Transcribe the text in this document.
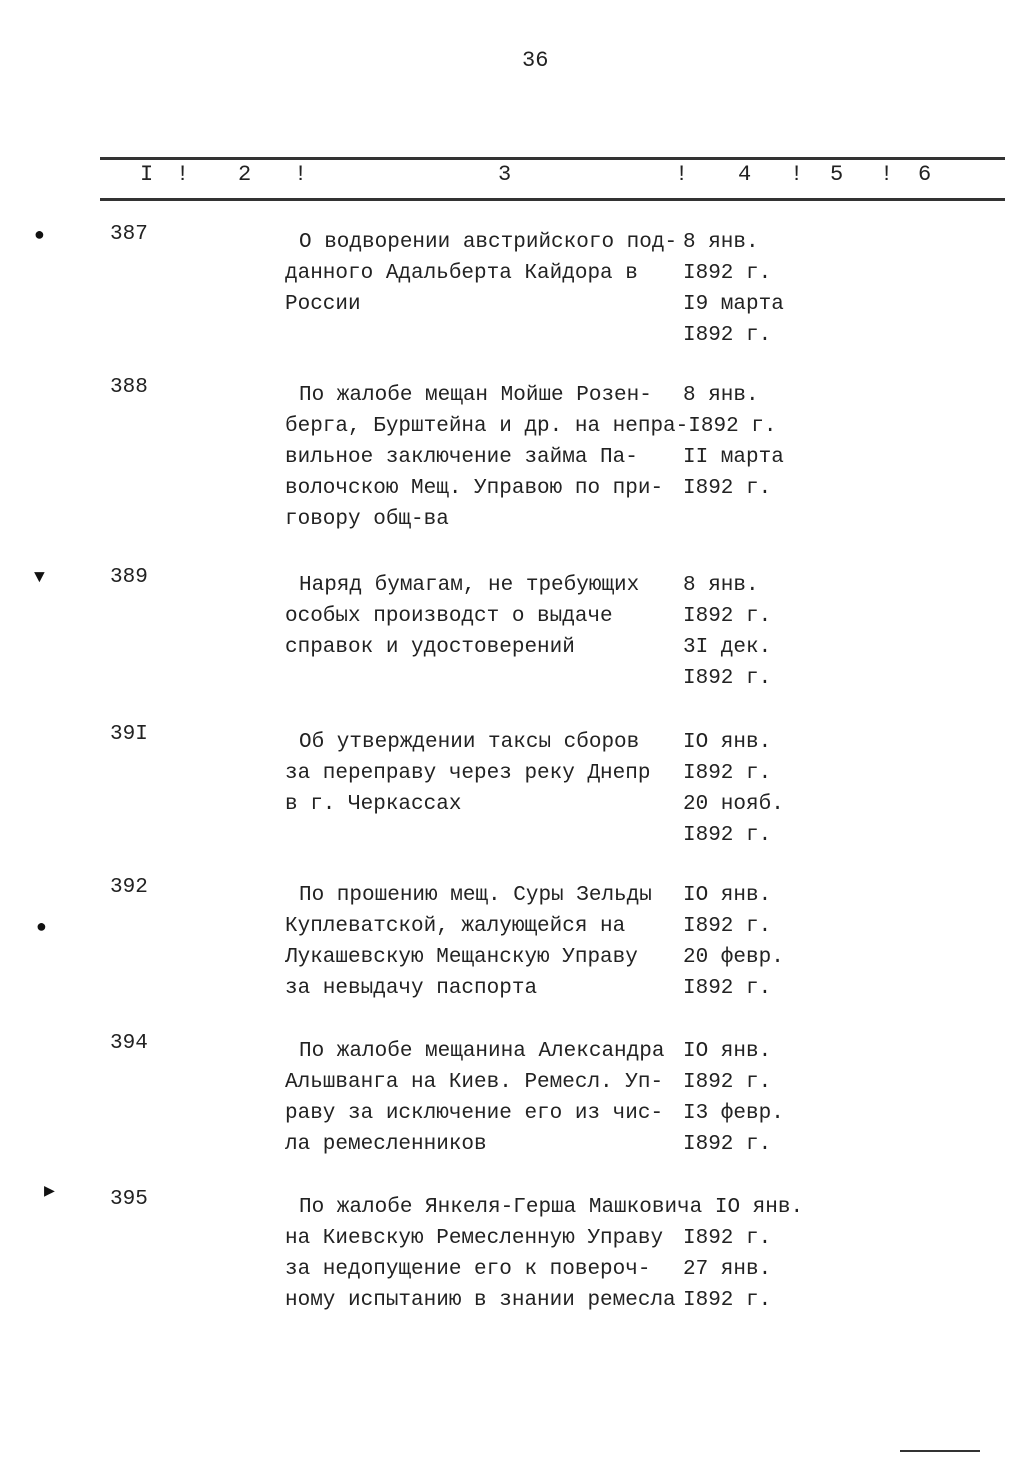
36
I ! 2 !	3	! 4 ! 5 ! 6
387	О водворении австрийского под- 8 янв.
данного Адальберта Кайдора в	I892 г.
России	I9 марта
I892 г.
388	По жалобе мещан Мойше Розен-	8 янв.
берга, Бурштейна и др. на непра- I892 г.
вильное заключение займа Па-	II марта
волочскою Мещ. Управою по при- I892 г.
говору общ-ва
389	Наряд бумагам, не требующих	8 янв.
особых производст о выдаче	I892 г.
справок и удостоверений	3I дек.
I892 г.
39I	Об утверждении таксы сборов	IO янв.
за переправу через реку Днепр	I892 г.
в г. Черкассах	20 нояб.
I892 г.
392	По прошению мещ. Суры Зельды	IO янв.
Куплеватской, жалующейся на	I892 г.
Лукашевскую Мещанскую Управу	20 февр.
за невыдачу паспорта	I892 г.
394	По жалобе мещанина Александра IO янв.
Альшванга на Киев. Ремесл. Уп- I892 г.
раву за исключение его из чис- I3 февр.
ла ремесленников	I892 г.
395	По жалобе Янкеля-Герша Машковича IO янв.
на Киевскую Ремесленную Управу I892 г.
за недопущение его к повероч-	27 янв.
ному испытанию в знании ремесла I892 г.
●
▼
●
▶
